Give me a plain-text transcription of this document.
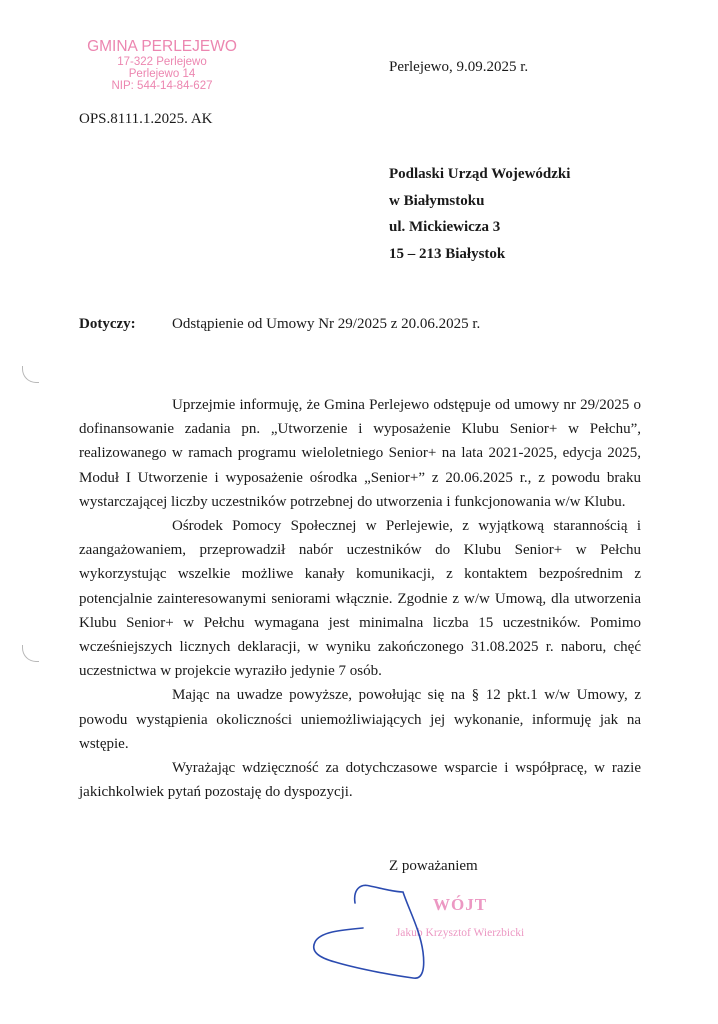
GMINA PERLEJEWO
17-322 Perlejewo
Perlejewo 14
NIP: 544-14-84-627
Perlejewo, 9.09.2025 r.
OPS.8111.1.2025. AK
Podlaski Urząd Wojewódzki
w Białymstoku
ul. Mickiewicza 3
15 – 213 Białystok
Dotyczy:	Odstąpienie od Umowy Nr 29/2025 z 20.06.2025 r.

Uprzejmie informuję, że Gmina Perlejewo odstępuje od umowy nr 29/2025 o dofinansowanie zadania pn. „Utworzenie i wyposażenie Klubu Senior+ w Pełchu”, realizowanego w ramach programu wieloletniego Senior+ na lata 2021-2025, edycja 2025, Moduł I Utworzenie i wyposażenie ośrodka „Senior+” z 20.06.2025 r., z powodu braku wystarczającej liczby uczestników potrzebnej do utworzenia i funkcjonowania w/w Klubu.

Ośrodek Pomocy Społecznej w Perlejewie, z wyjątkową starannością i zaangażowaniem, przeprowadził nabór uczestników do Klubu Senior+ w Pełchu wykorzystując wszelkie możliwe kanały komunikacji, z kontaktem bezpośrednim z potencjalnie zainteresowanymi seniorami włącznie. Zgodnie z w/w Umową, dla utworzenia Klubu Senior+ w Pełchu wymagana jest minimalna liczba 15 uczestników. Pomimo wcześniejszych licznych deklaracji, w wyniku zakończonego 31.08.2025 r. naboru, chęć uczestnictwa w projekcie wyraziło jedynie 7 osób.

Mając na uwadze powyższe, powołując się na § 12 pkt.1 w/w Umowy, z powodu wystąpienia okoliczności uniemożliwiających jej wykonanie, informuję jak na wstępie.

Wyrażając wdzięczność za dotychczasowe wsparcie i współpracę, w razie jakichkolwiek pytań pozostaję do dyspozycji.

Z poważaniem
WÓJT
Jakub Krzysztof Wierzbicki
